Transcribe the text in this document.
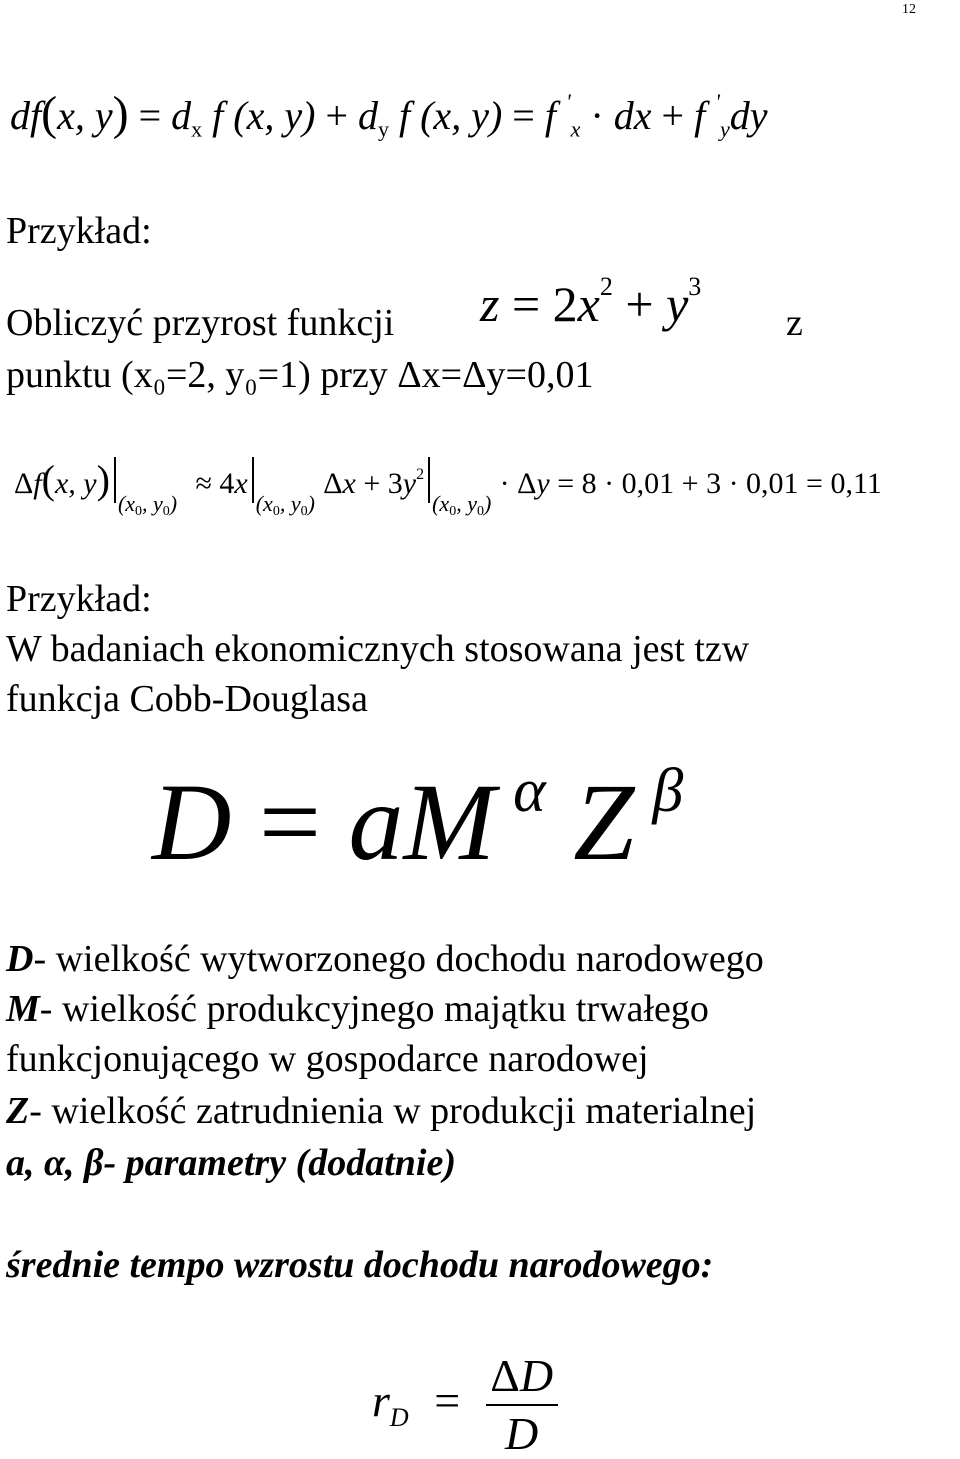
12
df(x, $y) = d_x$ f (x, $y) + d_y$ f (x, y) = f '$_x$ · dx + f '$_y$dy
Przykład:
Obliczyć przyrost funkcji $z = 2x^2 + y^3$
z
punktu (x₀=2, y₀=1) przy Δx=Δy=0,01
Δf(x, y)
(x0, y0)
≈ 4x
(x0, y0)
$\Delta x + 3y^2$
(x0, y0)
· Δy = 8 · 0,01 + 3 · 0,01 = 0,11
Przykład:
W badaniach ekonomicznych stosowana jest tzw
funkcja Cobb-Douglasa
D = aM $^\alpha$ Z $^\beta$
D- wielkość wytworzonego dochodu narodowego
M- wielkość produkcyjnego majątku trwałego
funkcjonującego w gospodarce narodowej
Z- wielkość zatrudnienia w produkcji materialnej
a, α, β- parametry (dodatnie)
średnie tempo wzrostu dochodu narodowego:
$r_D = \frac{\Delta D}{D}$
